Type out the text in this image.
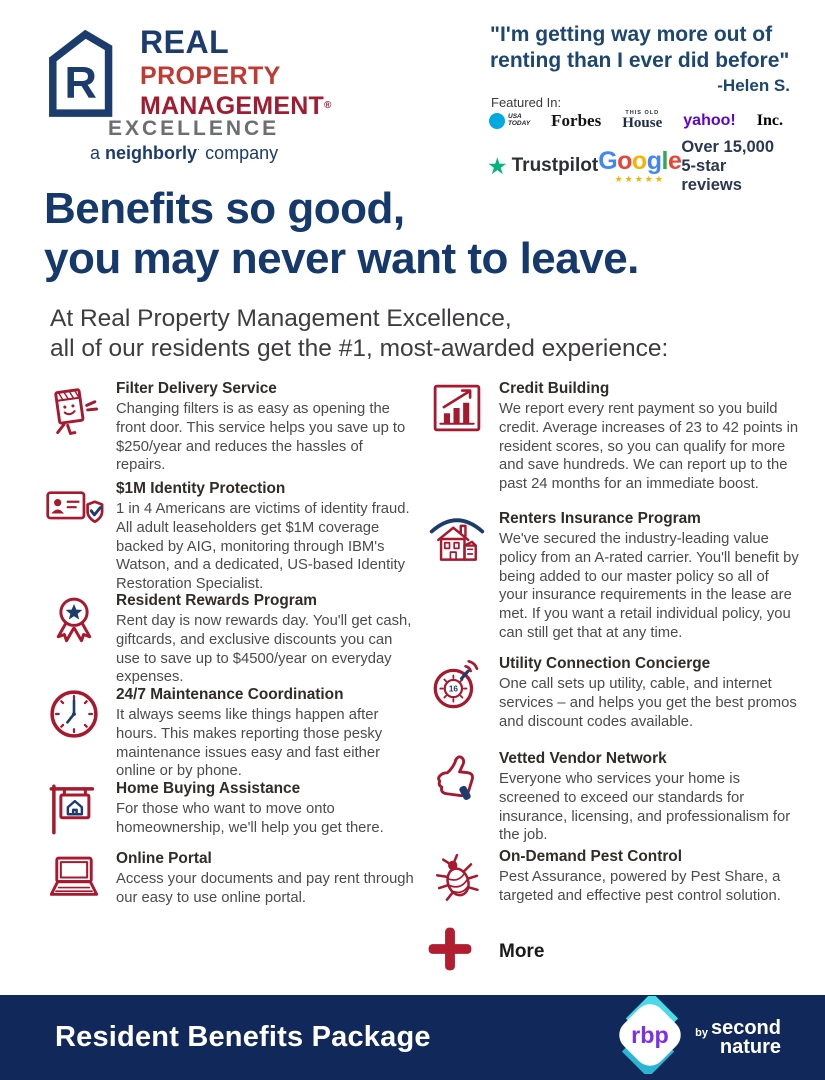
R
REAL
PROPERTY
MANAGEMENT®
EXCELLENCE
a neighborly· company
"I'm getting way more out of
renting than I ever did before"
-Helen S.
Featured In:
USA
TODAY Forbes	THIS OLD
House yahoo! Inc.
★ Trustpilot Google
★★★★★
Over 15,000
5-star reviews
Benefits so good,
you may never want to leave.
At Real Property Management Excellence,
all of our residents get the #1, most-awarded experience:
Filter Delivery Service
Changing filters is as easy as opening the front door. This service helps you save up to $250/year and reduces the hassles of repairs.
$1M Identity Protection
1 in 4 Americans are victims of identity fraud. All adult leaseholders get $1M coverage backed by AIG, monitoring through IBM's Watson, and a dedicated, US-based Identity Restoration Specialist.
Resident Rewards Program
Rent day is now rewards day. You'll get cash, giftcards, and exclusive discounts you can use to save up to $4500/year on everyday expenses.
24/7 Maintenance Coordination
It always seems like things happen after hours. This makes reporting those pesky maintenance issues easy and fast either online or by phone.
Home Buying Assistance
For those who want to move onto homeownership, we'll help you get there.
Online Portal
Access your documents and pay rent through our easy to use online portal.
Credit Building
We report every rent payment so you build credit. Average increases of 23 to 42 points in resident scores, so you can qualify for more and save hundreds. We can report up to the past 24 months for an immediate boost.
Renters Insurance Program
We've secured the industry-leading value policy from an A-rated carrier. You'll benefit by being added to our master policy so all of your insurance requirements in the lease are met. If you want a retail individual policy, you can still get that at any time.
16
Utility Connection Concierge
One call sets up utility, cable, and internet services – and helps you get the best promos and discount codes available.
Vetted Vendor Network
Everyone who services your home is screened to exceed our standards for insurance, licensing, and professionalism for the job.
On-Demand Pest Control
Pest Assurance, powered by Pest Share, a targeted and effective pest control solution.
More
Resident Benefits Package	rbp by second
nature
